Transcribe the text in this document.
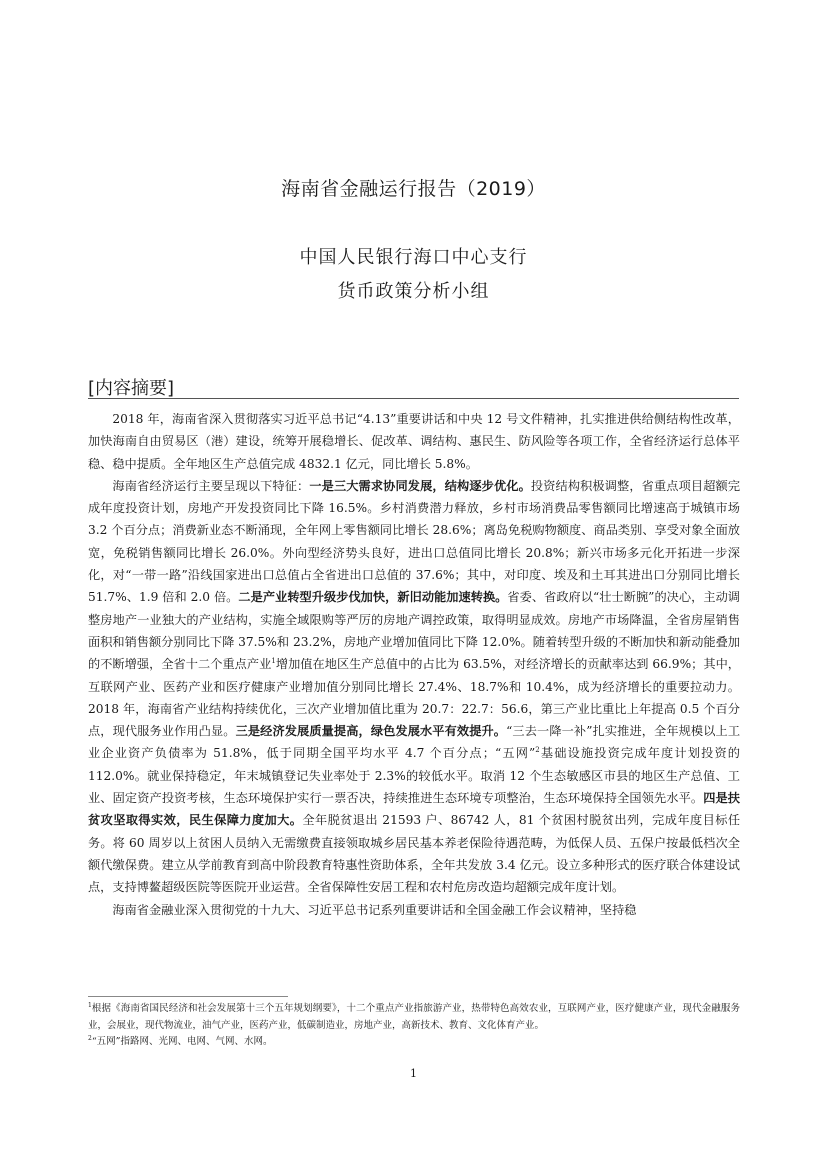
海南省金融运行报告（2019）
中国人民银行海口中心支行
货币政策分析小组
[内容摘要]

2018 年，海南省深入贯彻落实习近平总书记“4.13”重要讲话和中央 12 号文件精神，扎实推进供给侧结构性改革，加快海南自由贸易区（港）建设，统筹开展稳增长、促改革、调结构、惠民生、防风险等各项工作，全省经济运行总体平稳、稳中提质。全年地区生产总值完成 4832.1 亿元，同比增长 5.8%。

海南省经济运行主要呈现以下特征：一是三大需求协同发展，结构逐步优化。投资结构积极调整，省重点项目超额完成年度投资计划，房地产开发投资同比下降 16.5%。乡村消费潜力释放，乡村市场消费品零售额同比增速高于城镇市场 3.2 个百分点；消费新业态不断涌现，全年网上零售额同比增长 28.6%；离岛免税购物额度、商品类别、享受对象全面放宽，免税销售额同比增长 26.0%。外向型经济势头良好，进出口总值同比增长 20.8%；新兴市场多元化开拓进一步深化，对“一带一路”沿线国家进出口总值占全省进出口总值的 37.6%；其中，对印度、埃及和土耳其进出口分别同比增长 51.7%、1.9 倍和 2.0 倍。二是产业转型升级步伐加快，新旧动能加速转换。省委、省政府以“壮士断腕”的决心，主动调整房地产一业独大的产业结构，实施全域限购等严厉的房地产调控政策，取得明显成效。房地产市场降温，全省房屋销售面积和销售额分别同比下降 37.5%和 23.2%，房地产业增加值同比下降 12.0%。随着转型升级的不断加快和新动能叠加的不断增强，全省十二个重点产业$^1$增加值在地区生产总值中的占比为 63.5%，对经济增长的贡献率达到 66.9%；其中，互联网产业、医药产业和医疗健康产业增加值分别同比增长 27.4%、18.7%和 10.4%，成为经济增长的重要拉动力。2018 年，海南省产业结构持续优化，三次产业增加值比重为 20.7：22.7：56.6，第三产业比重比上年提高 0.5 个百分点，现代服务业作用凸显。三是经济发展质量提高，绿色发展水平有效提升。“三去一降一补”扎实推进，全年规模以上工业企业资产负债率为 51.8%，低于同期全国平均水平 4.7 个百分点；“五网”$^2$基础设施投资完成年度计划投资的 112.0%。就业保持稳定，年末城镇登记失业率处于 2.3%的较低水平。取消 12 个生态敏感区市县的地区生产总值、工业、固定资产投资考核，生态环境保护实行一票否决，持续推进生态环境专项整治，生态环境保持全国领先水平。四是扶贫攻坚取得实效，民生保障力度加大。全年脱贫退出 21593 户、86742 人，81 个贫困村脱贫出列，完成年度目标任务。将 60 周岁以上贫困人员纳入无需缴费直接领取城乡居民基本养老保险待遇范畴，为低保人员、五保户按最低档次全额代缴保费。建立从学前教育到高中阶段教育特惠性资助体系，全年共发放 3.4 亿元。设立多种形式的医疗联合体建设试点，支持博鳌超级医院等医院开业运营。全省保障性安居工程和农村危房改造均超额完成年度计划。

海南省金融业深入贯彻党的十九大、习近平总书记系列重要讲话和全国金融工作会议精神，坚持稳

$^1$根据《海南省国民经济和社会发展第十三个五年规划纲要》，十二个重点产业指旅游产业，热带特色高效农业，互联网产业，医疗健康产业，现代金融服务业，会展业，现代物流业，油气产业，医药产业，低碳制造业，房地产业，高新技术、教育、文化体育产业。

$^2$“五网”指路网、光网、电网、气网、水网。

1
